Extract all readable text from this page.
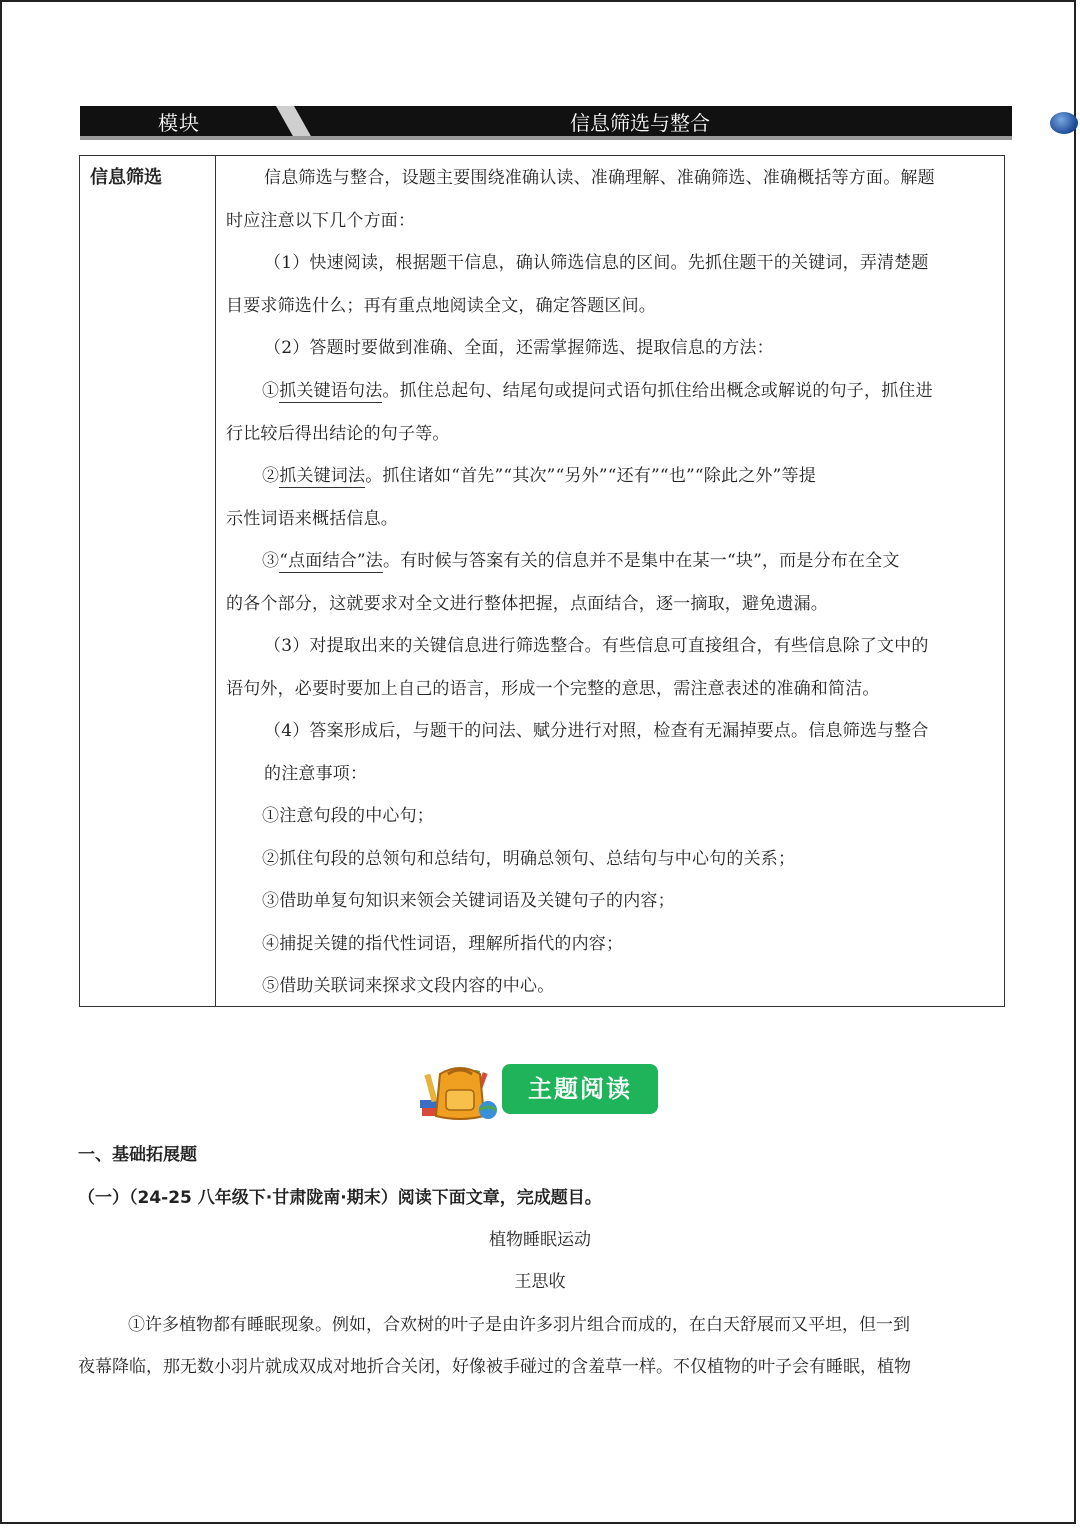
模块九
信息筛选与整合
信息筛选	信息筛选与整合，设题主要围绕准确认读、准确理解、准确筛选、准确概括等方面。解题
时应注意以下几个方面：
（1）快速阅读，根据题干信息，确认筛选信息的区间。先抓住题干的关键词，弄清楚题
目要求筛选什么；再有重点地阅读全文，确定答题区间。
（2）答题时要做到准确、全面，还需掌握筛选、提取信息的方法：
①抓关键语句法。抓住总起句、结尾句或提问式语句抓住给出概念或解说的句子，抓住进
行比较后得出结论的句子等。
②抓关键词法。抓住诸如“首先”“其次”“另外”“还有”“也”“除此之外”等提
示性词语来概括信息。
③“点面结合”法。有时候与答案有关的信息并不是集中在某一“块”，而是分布在全文
的各个部分，这就要求对全文进行整体把握，点面结合，逐一摘取，避免遗漏。
（3）对提取出来的关键信息进行筛选整合。有些信息可直接组合，有些信息除了文中的
语句外，必要时要加上自己的语言，形成一个完整的意思，需注意表述的准确和简洁。
（4）答案形成后，与题干的问法、赋分进行对照，检查有无漏掉要点。信息筛选与整合
的注意事项：
①注意句段的中心句；
②抓住句段的总领句和总结句，明确总领句、总结句与中心句的关系；
③借助单复句知识来领会关键词语及关键句子的内容；
④捕捉关键的指代性词语，理解所指代的内容；
⑤借助关联词来探求文段内容的中心。
主题阅读
一、基础拓展题
（一）（24-25 八年级下·甘肃陇南·期末）阅读下面文章，完成题目。
植物睡眠运动
王思收
①许多植物都有睡眠现象。例如，合欢树的叶子是由许多羽片组合而成的，在白天舒展而又平坦，但一到
夜幕降临，那无数小羽片就成双成对地折合关闭，好像被手碰过的含羞草一样。不仅植物的叶子会有睡眠，植物
